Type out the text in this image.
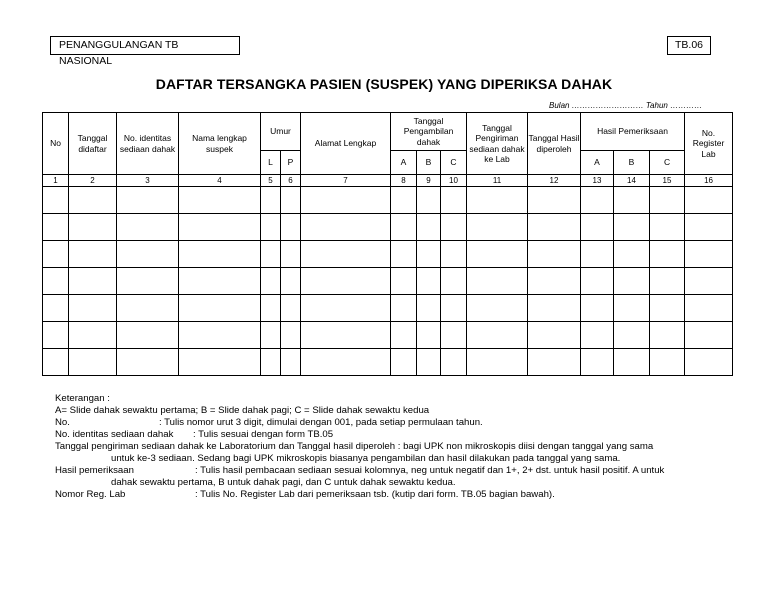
PENANGGULANGAN TB NASIONAL
TB.06
DAFTAR TERSANGKA PASIEN (SUSPEK) YANG DIPERIKSA DAHAK
Bulan ……………………… Tahun …………
No	Tanggal didaftar	No. identitas sediaan dahak	Nama lengkap suspek	Umur		Alamat Lengkap	Tanggal Pengambilan dahak			Tanggal Pengiriman sediaan dahak ke Lab	Tanggal Hasil diperoleh	Hasil Pemeriksaan			No. Register Lab
				L	P		A	B	C			A	B	C	
1	2	3	4	5	6	7	8	9	10	11	12	13	14	15	16

Keterangan :
A= Slide dahak sewaktu pertama; B = Slide dahak pagi; C = Slide dahak sewaktu kedua
No.	: Tulis nomor urut 3 digit, dimulai dengan 001, pada setiap permulaan tahun.
No. identitas sediaan dahak : Tulis sesuai dengan form TB.05
Tanggal pengiriman sediaan dahak ke Laboratorium dan Tanggal hasil diperoleh : bagi UPK non mikroskopis diisi dengan tanggal yang sama
untuk ke-3 sediaan. Sedang bagi UPK mikroskopis biasanya pengambilan dan hasil dilakukan pada tanggal yang sama.
Hasil pemeriksaan	: Tulis hasil pembacaan sediaan sesuai kolomnya, neg untuk negatif dan 1+, 2+ dst. untuk hasil positif. A untuk
dahak sewaktu pertama, B untuk dahak pagi, dan C untuk dahak sewaktu kedua.
Nomor Reg. Lab	: Tulis No. Register Lab dari pemeriksaan tsb. (kutip dari form. TB.05 bagian bawah).
